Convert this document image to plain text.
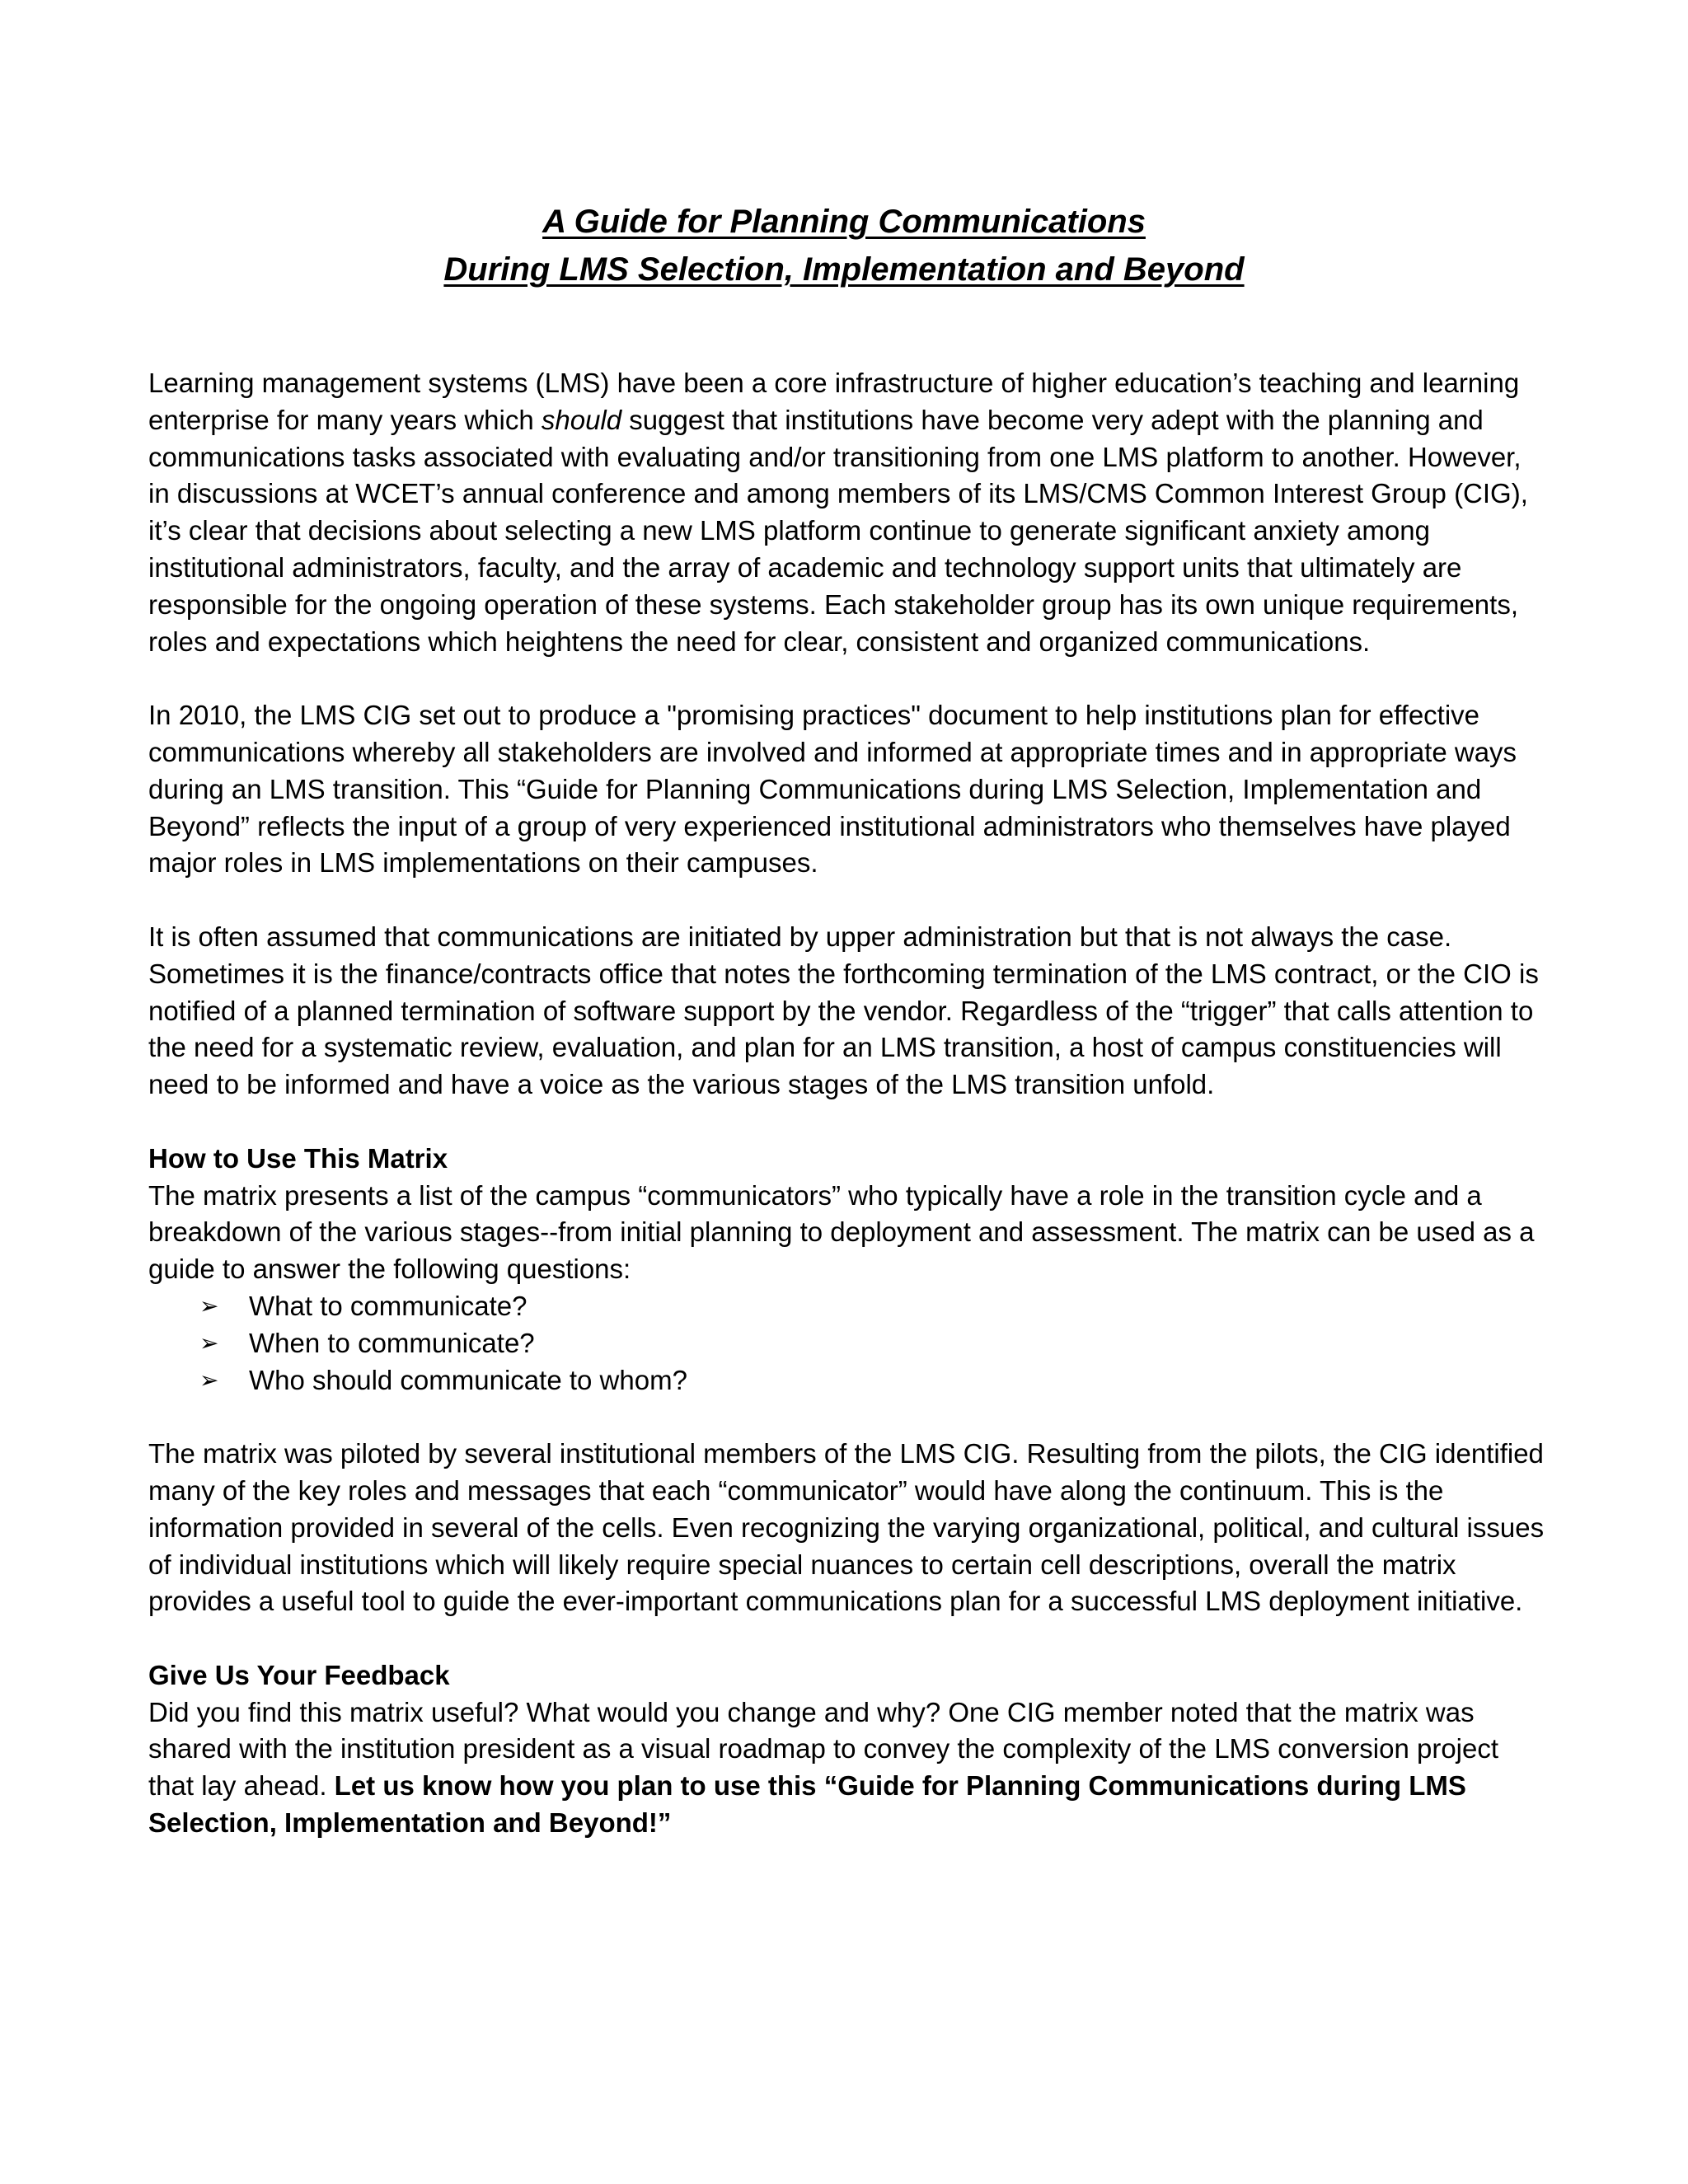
A Guide for Planning Communications
During LMS Selection, Implementation and Beyond

Learning management systems (LMS) have been a core infrastructure of higher education’s teaching and learning enterprise for many years which should suggest that institutions have become very adept with the planning and communications tasks associated with evaluating and/or transitioning from one LMS platform to another. However, in discussions at WCET’s annual conference and among members of its LMS/CMS Common Interest Group (CIG), it’s clear that decisions about selecting a new LMS platform continue to generate significant anxiety among institutional administrators, faculty, and the array of academic and technology support units that ultimately are responsible for the ongoing operation of these systems. Each stakeholder group has its own unique requirements, roles and expectations which heightens the need for clear, consistent and organized communications.

In 2010, the LMS CIG set out to produce a "promising practices" document to help institutions plan for effective communications whereby all stakeholders are involved and informed at appropriate times and in appropriate ways during an LMS transition. This “Guide for Planning Communications during LMS Selection, Implementation and Beyond” reflects the input of a group of very experienced institutional administrators who themselves have played major roles in LMS implementations on their campuses.

It is often assumed that communications are initiated by upper administration but that is not always the case. Sometimes it is the finance/contracts office that notes the forthcoming termination of the LMS contract, or the CIO is notified of a planned termination of software support by the vendor. Regardless of the “trigger” that calls attention to the need for a systematic review, evaluation, and plan for an LMS transition, a host of campus constituencies will need to be informed and have a voice as the various stages of the LMS transition unfold.

How to Use This Matrix
The matrix presents a list of the campus “communicators” who typically have a role in the transition cycle and a breakdown of the various stages--from initial planning to deployment and assessment. The matrix can be used as a guide to answer the following questions:
➢ What to communicate?
➢ When to communicate?
➢ Who should communicate to whom?

The matrix was piloted by several institutional members of the LMS CIG. Resulting from the pilots, the CIG identified many of the key roles and messages that each “communicator” would have along the continuum. This is the information provided in several of the cells. Even recognizing the varying organizational, political, and cultural issues of individual institutions which will likely require special nuances to certain cell descriptions, overall the matrix provides a useful tool to guide the ever-important communications plan for a successful LMS deployment initiative.

Give Us Your Feedback
Did you find this matrix useful? What would you change and why? One CIG member noted that the matrix was shared with the institution president as a visual roadmap to convey the complexity of the LMS conversion project that lay ahead. Let us know how you plan to use this “Guide for Planning Communications during LMS Selection, Implementation and Beyond!”
